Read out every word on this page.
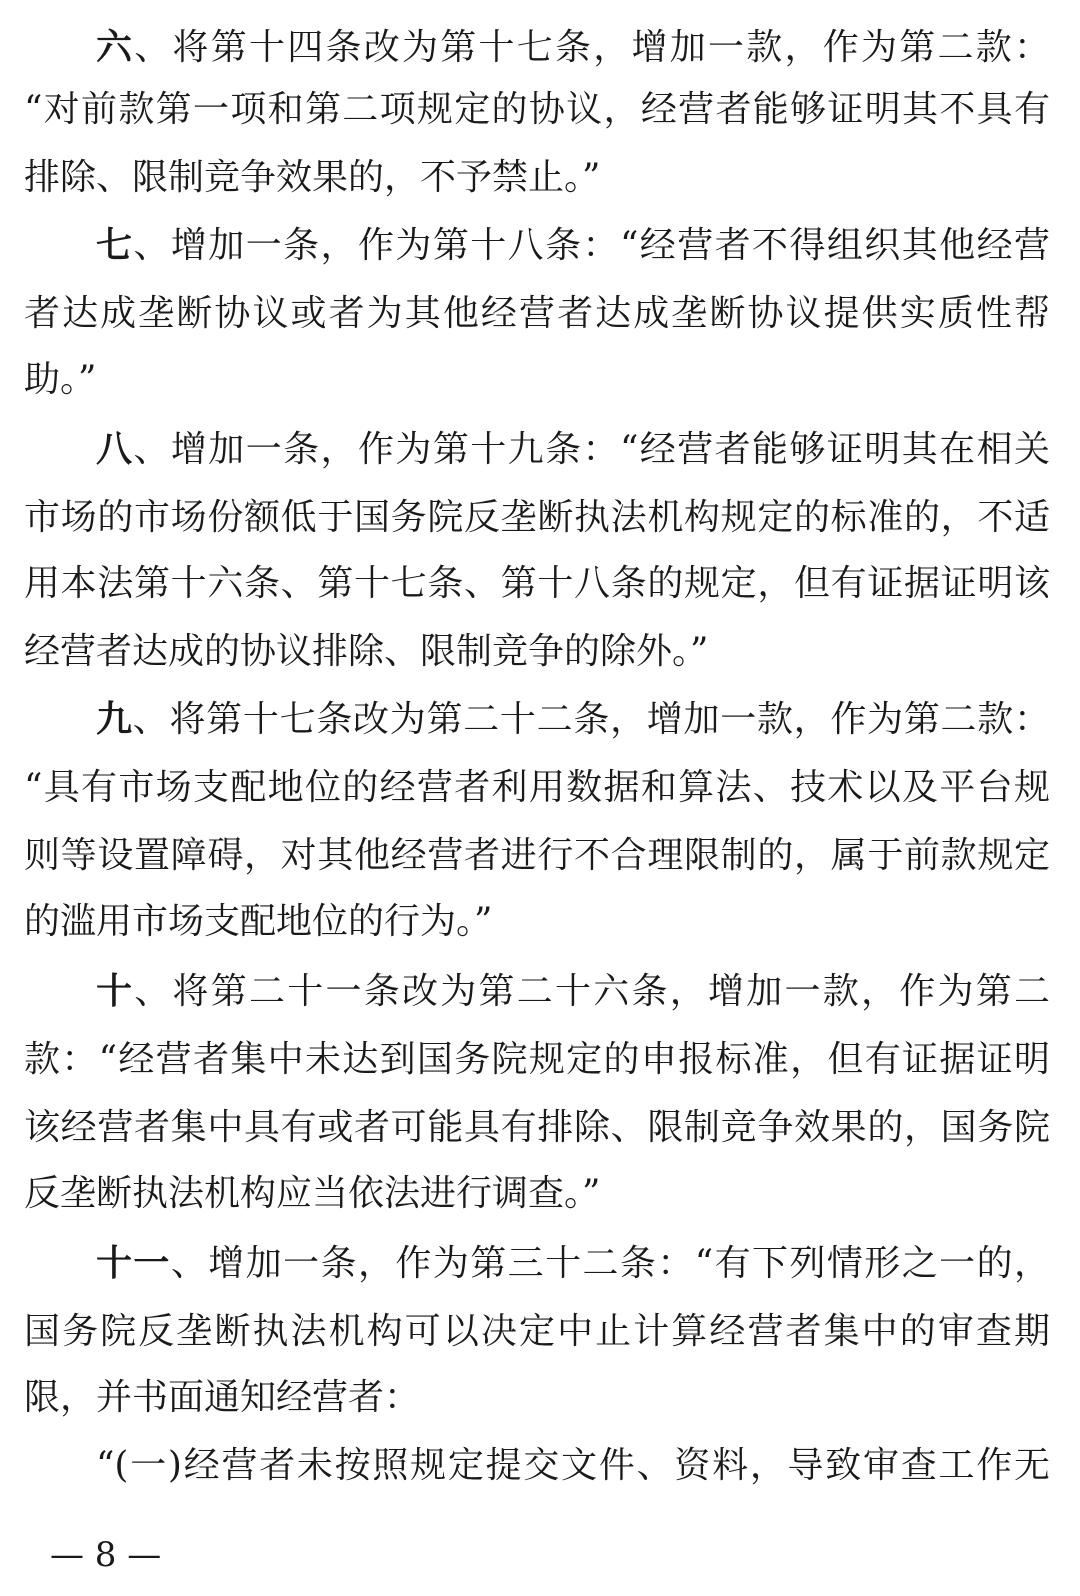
六、将第十四条改为第十七条，增加一款，作为第二款：
“对前款第一项和第二项规定的协议，经营者能够证明其不具有
排除、限制竞争效果的，不予禁止。”
七、增加一条，作为第十八条：“经营者不得组织其他经营
者达成垄断协议或者为其他经营者达成垄断协议提供实质性帮
助。”
八、增加一条，作为第十九条：“经营者能够证明其在相关
市场的市场份额低于国务院反垄断执法机构规定的标准的，不适
用本法第十六条、第十七条、第十八条的规定，但有证据证明该
经营者达成的协议排除、限制竞争的除外。”
九、将第十七条改为第二十二条，增加一款，作为第二款：
“具有市场支配地位的经营者利用数据和算法、技术以及平台规
则等设置障碍，对其他经营者进行不合理限制的，属于前款规定
的滥用市场支配地位的行为。”
十、将第二十一条改为第二十六条，增加一款，作为第二
款：“经营者集中未达到国务院规定的申报标准，但有证据证明
该经营者集中具有或者可能具有排除、限制竞争效果的，国务院
反垄断执法机构应当依法进行调查。”
十一、增加一条，作为第三十二条：“有下列情形之一的，
国务院反垄断执法机构可以决定中止计算经营者集中的审查期
限，并书面通知经营者：
“(一)经营者未按照规定提交文件、资料，导致审查工作无
— 8 —
